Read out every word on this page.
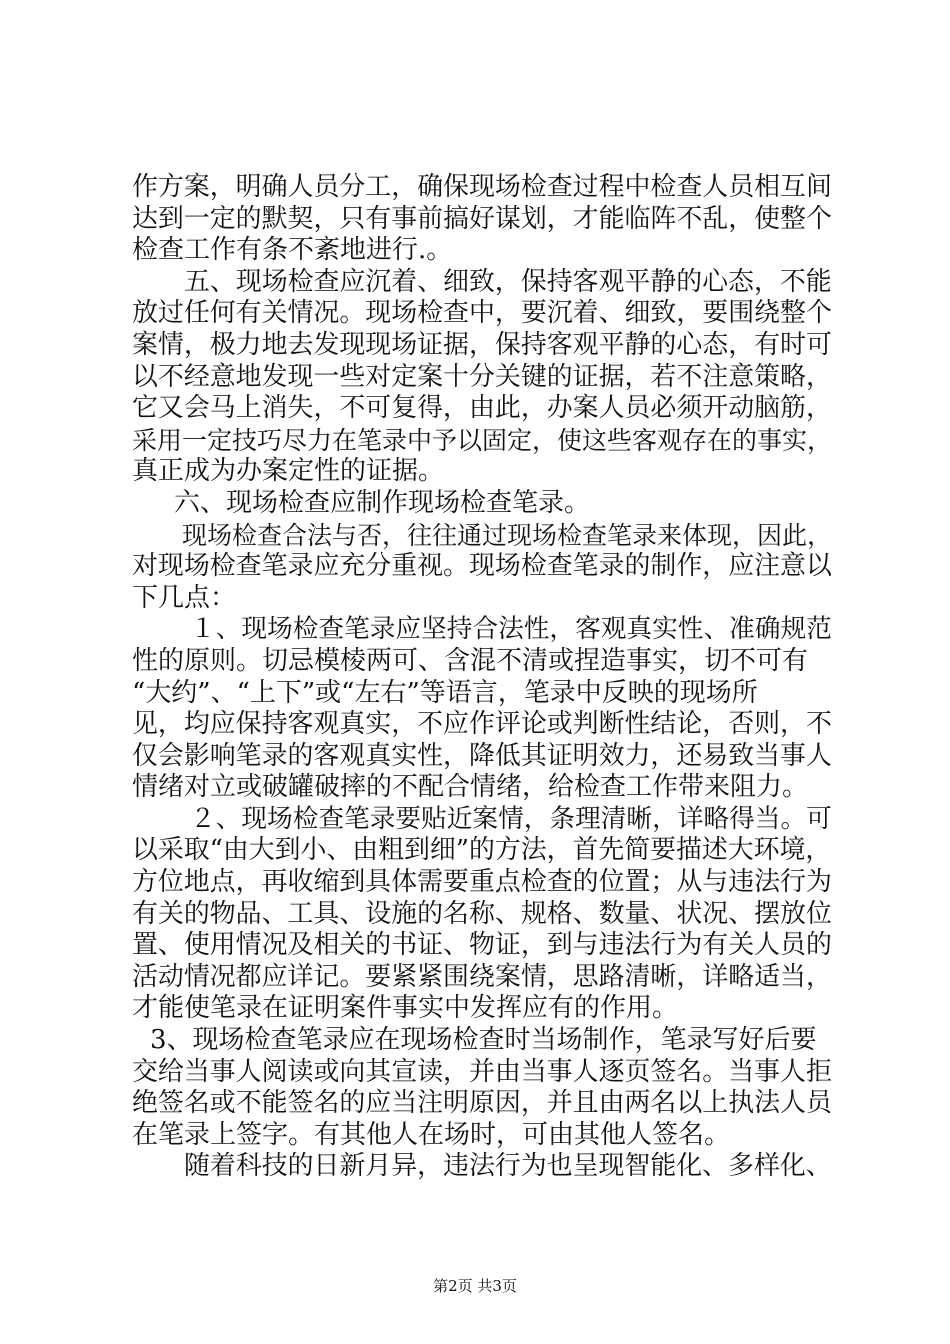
作方案，明确人员分工，确保现场检查过程中检查人员相互间
达到一定的默契，只有事前搞好谋划，才能临阵不乱，使整个
检查工作有条不紊地进行.。
五、现场检查应沉着、细致，保持客观平静的心态，不能
放过任何有关情况。现场检查中，要沉着、细致，要围绕整个
案情，极力地去发现现场证据，保持客观平静的心态，有时可
以不经意地发现一些对定案十分关键的证据，若不注意策略，
它又会马上消失，不可复得，由此，办案人员必须开动脑筋，
采用一定技巧尽力在笔录中予以固定，使这些客观存在的事实，
真正成为办案定性的证据。
六、现场检查应制作现场检查笔录。
现场检查合法与否，往往通过现场检查笔录来体现，因此，
对现场检查笔录应充分重视。现场检查笔录的制作，应注意以
下几点：
１、现场检查笔录应坚持合法性，客观真实性、准确规范
性的原则。切忌模棱两可、含混不清或捏造事实，切不可有
“大约”、“上下”或“左右”等语言，笔录中反映的现场所
见，均应保持客观真实，不应作评论或判断性结论，否则，不
仅会影响笔录的客观真实性，降低其证明效力，还易致当事人
情绪对立或破罐破摔的不配合情绪，给检查工作带来阻力。
２、现场检查笔录要贴近案情，条理清晰，详略得当。可
以采取“由大到小、由粗到细”的方法，首先简要描述大环境，
方位地点，再收缩到具体需要重点检查的位置；从与违法行为
有关的物品、工具、设施的名称、规格、数量、状况、摆放位
置、使用情况及相关的书证、物证，到与违法行为有关人员的
活动情况都应详记。要紧紧围绕案情，思路清晰，详略适当，
才能使笔录在证明案件事实中发挥应有的作用。
3、现场检查笔录应在现场检查时当场制作，笔录写好后要
交给当事人阅读或向其宣读，并由当事人逐页签名。当事人拒
绝签名或不能签名的应当注明原因，并且由两名以上执法人员
在笔录上签字。有其他人在场时，可由其他人签名。
随着科技的日新月异，违法行为也呈现智能化、多样化、
第2页 共3页
